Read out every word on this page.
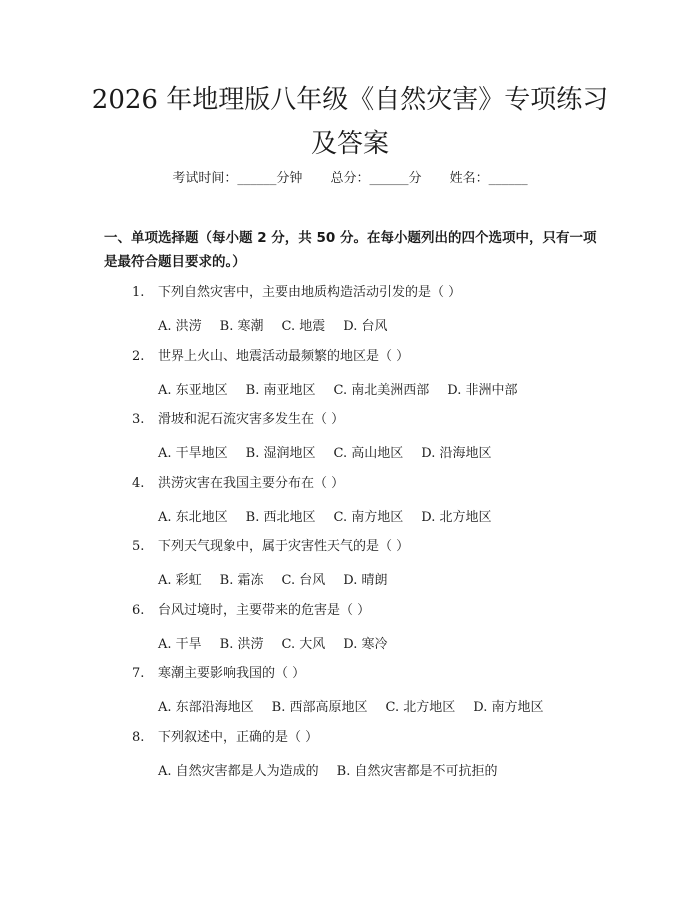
2026 年地理版八年级《自然灾害》专项练习
及答案
考试时间：______分钟 总分：______分 姓名：______
一、单项选择题（每小题 2 分，共 50 分。在每小题列出的四个选项中，只有一项是最符合题目要求的。）
1. 下列自然灾害中，主要由地质构造活动引发的是（ ）
A. 洪涝 B. 寒潮 C. 地震 D. 台风
2. 世界上火山、地震活动最频繁的地区是（ ）
A. 东亚地区 B. 南亚地区 C. 南北美洲西部 D. 非洲中部
3. 滑坡和泥石流灾害多发生在（ ）
A. 干旱地区 B. 湿润地区 C. 高山地区 D. 沿海地区
4. 洪涝灾害在我国主要分布在（ ）
A. 东北地区 B. 西北地区 C. 南方地区 D. 北方地区
5. 下列天气现象中，属于灾害性天气的是（ ）
A. 彩虹 B. 霜冻 C. 台风 D. 晴朗
6. 台风过境时，主要带来的危害是（ ）
A. 干旱 B. 洪涝 C. 大风 D. 寒冷
7. 寒潮主要影响我国的（ ）
A. 东部沿海地区 B. 西部高原地区 C. 北方地区 D. 南方地区
8. 下列叙述中，正确的是（ ）
A. 自然灾害都是人为造成的 B. 自然灾害都是不可抗拒的
